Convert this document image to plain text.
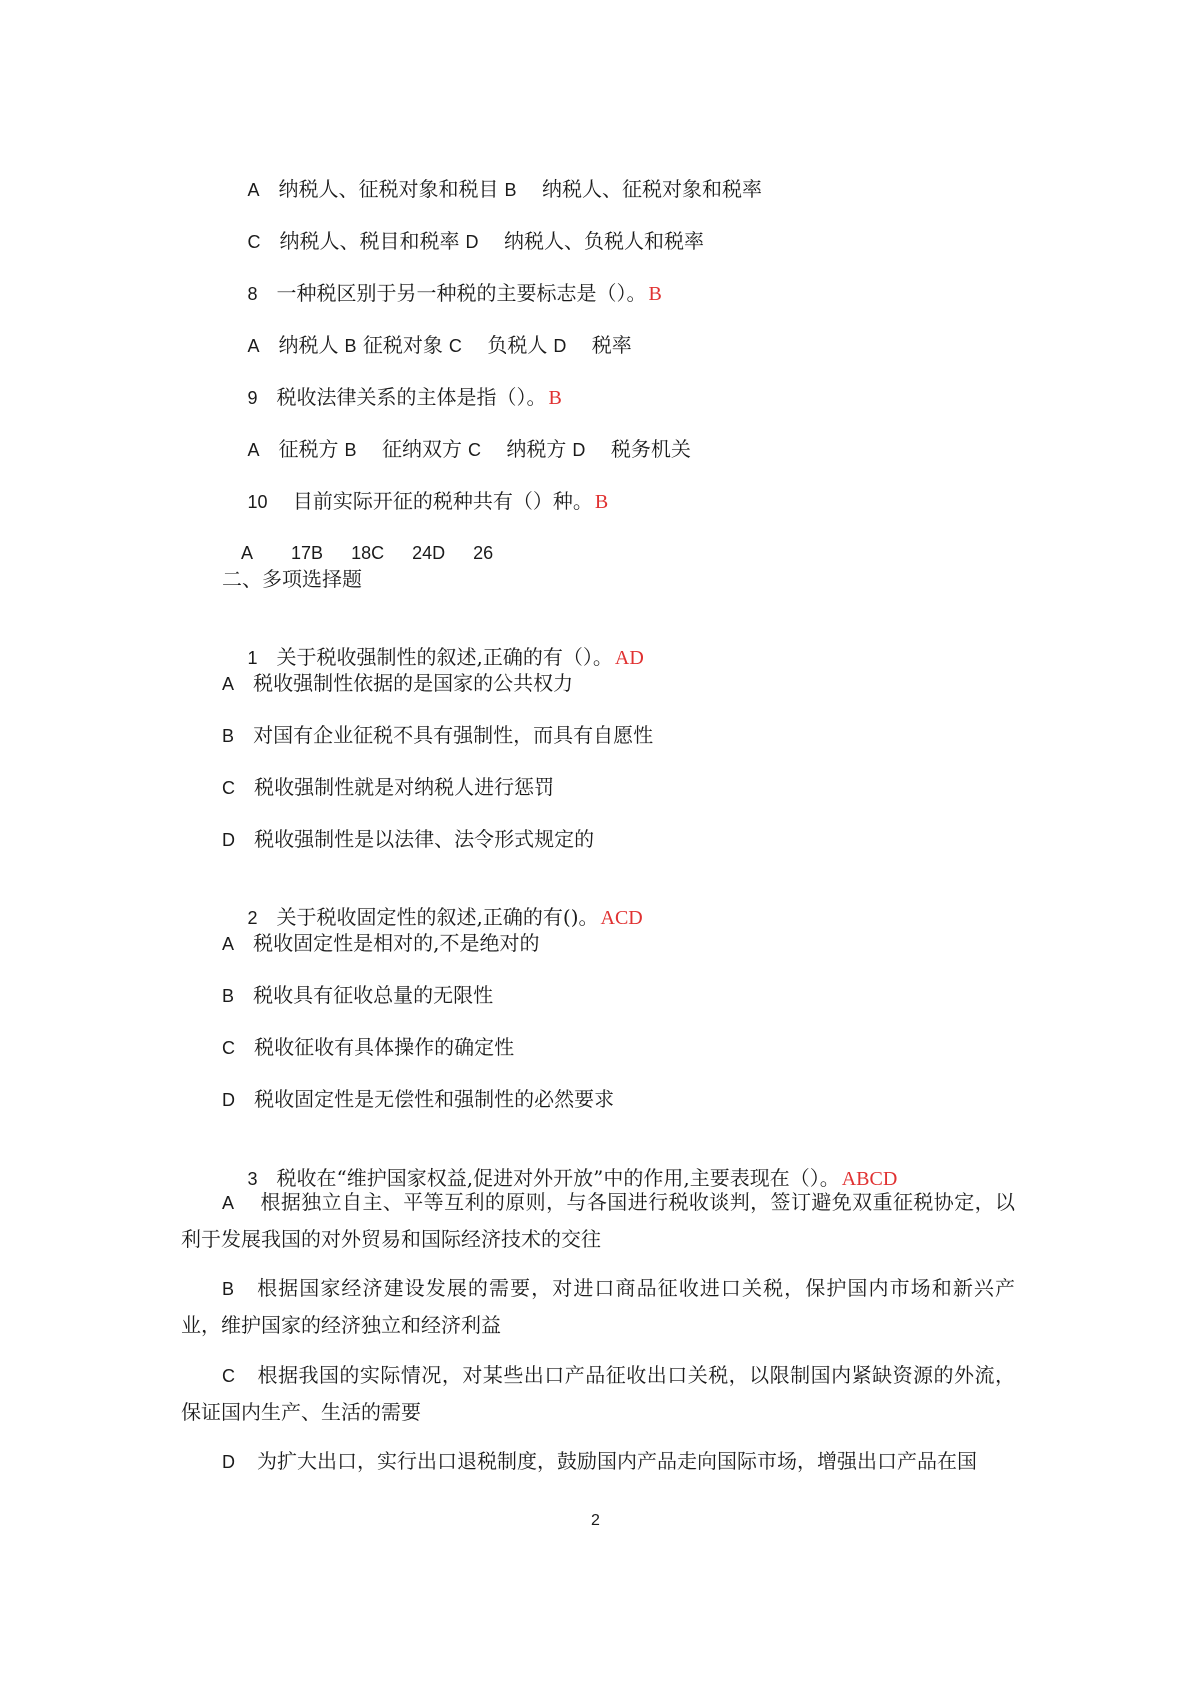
A 纳税人、征税对象和税目 B 纳税人、征税对象和税率

C 纳税人、税目和税率 D 纳税人、负税人和税率

8 一种税区别于另一种税的主要标志是（）。 B

A 纳税人 B 征税对象 C 负税人 D 税率

9 税收法律关系的主体是指（）。 B

A 征税方 B 征纳双方 C 纳税方 D 税务机关

10 目前实际开征的税种共有（）种。 B

A 17B 18C 24D 26

二、多项选择题

1 关于税收强制性的叙述,正确的有（）。 AD

A 税收强制性依据的是国家的公共权力
B 对国有企业征税不具有强制性，而具有自愿性
C 税收强制性就是对纳税人进行惩罚
D 税收强制性是以法律、法令形式规定的

2 关于税收固定性的叙述,正确的有()。 ACD

A 税收固定性是相对的,不是绝对的
B 税收具有征收总量的无限性
C 税收征收有具体操作的确定性
D 税收固定性是无偿性和强制性的必然要求

3 税收在“维护国家权益,促进对外开放”中的作用,主要表现在（）。 ABCD

A 根据独立自主、平等互利的原则，与各国进行税收谈判，签订避免双重征税协定，以利于发展我国的对外贸易和国际经济技术的交往
B 根据国家经济建设发展的需要，对进口商品征收进口关税，保护国内市场和新兴产业，维护国家的经济独立和经济利益
C 根据我国的实际情况，对某些出口产品征收出口关税，以限制国内紧缺资源的外流，保证国内生产、生活的需要
D 为扩大出口，实行出口退税制度，鼓励国内产品走向国际市场，增强出口产品在国
2
